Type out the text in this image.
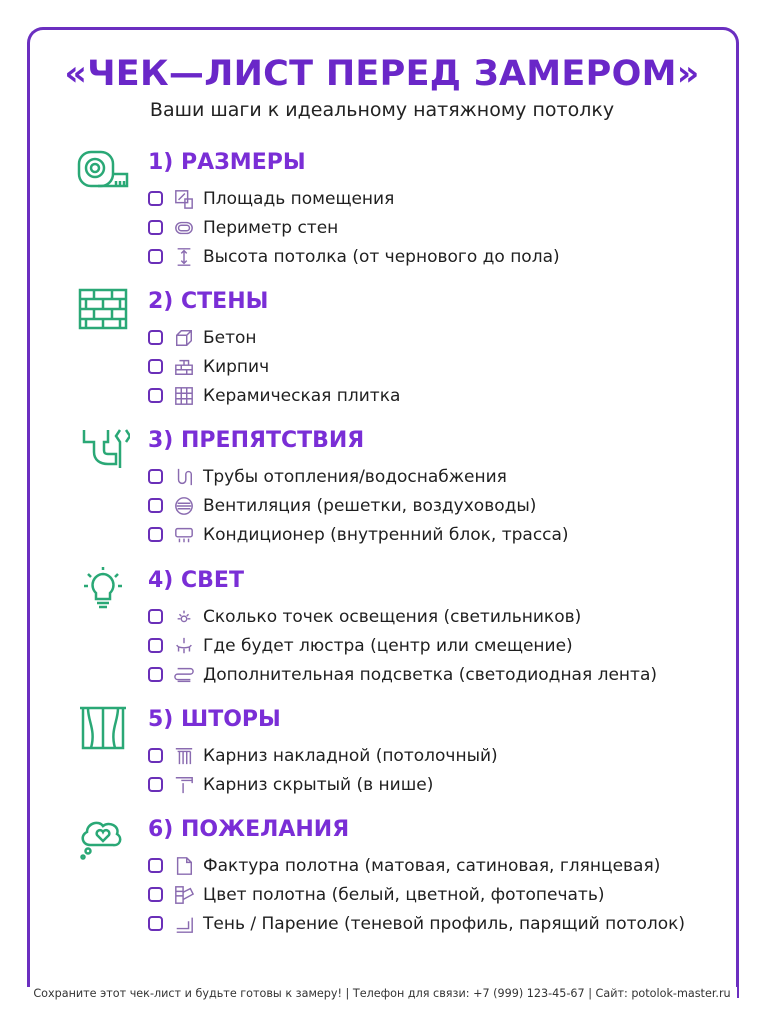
«ЧЕК—ЛИСТ ПЕРЕД ЗАМЕРОМ»
Ваши шаги к идеальному натяжному потолку
1) РАЗМЕРЫ
Площадь помещения
Периметр стен
Высота потолка (от чернового до пола)
2) СТЕНЫ
Бетон
Кирпич
Керамическая плитка
3) ПРЕПЯТСТВИЯ
Трубы отопления/водоснабжения
Вентиляция (решетки, воздуховоды)
Кондиционер (внутренний блок, трасса)
4) СВЕТ
Сколько точек освещения (светильников)
Где будет люстра (центр или смещение)
Дополнительная подсветка (светодиодная лента)
5) ШТОРЫ
Карниз накладной (потолочный)
Карниз скрытый (в нише)
6) ПОЖЕЛАНИЯ
Фактура полотна (матовая, сатиновая, глянцевая)
Цвет полотна (белый, цветной, фотопечать)
Тень / Парение (теневой профиль, парящий потолок)
Сохраните этот чек-лист и будьте готовы к замеру! | Телефон для связи: +7 (999) 123-45-67 | Сайт: potolok-master.ru
